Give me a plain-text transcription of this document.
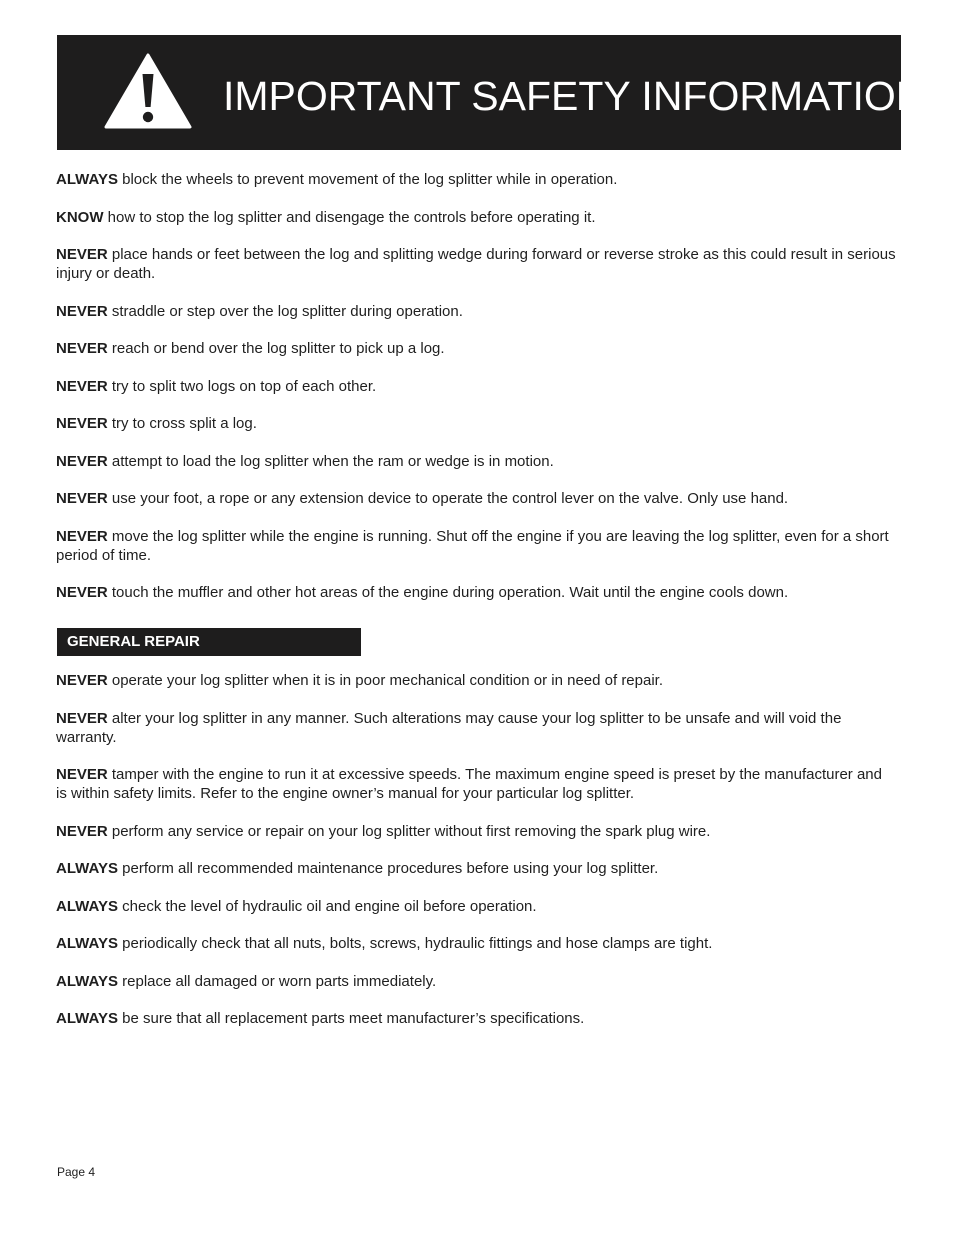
IMPORTANT SAFETY INFORMATION
ALWAYS block the wheels to prevent movement of the log splitter while in operation.
KNOW how to stop the log splitter and disengage the controls before operating it.
NEVER place hands or feet between the log and splitting wedge during forward or reverse stroke as this could result in serious injury or death.
NEVER straddle or step over the log splitter during operation.
NEVER reach or bend over the log splitter to pick up a log.
NEVER try to split two logs on top of each other.
NEVER try to cross split a log.
NEVER attempt to load the log splitter when the ram or wedge is in motion.
NEVER use your foot, a rope or any extension device to operate the control lever on the valve. Only use hand.
NEVER move the log splitter while the engine is running. Shut off the engine if you are leaving the log splitter, even for a short period of time.
NEVER touch the muffler and other hot areas of the engine during operation. Wait until the engine cools down.
GENERAL REPAIR
NEVER operate your log splitter when it is in poor mechanical condition or in need of repair.
NEVER alter your log splitter in any manner. Such alterations may cause your log splitter to be unsafe and will void the warranty.
NEVER tamper with the engine to run it at excessive speeds. The maximum engine speed is preset by the manufacturer and is within safety limits. Refer to the engine owner’s manual for your particular log splitter.
NEVER perform any service or repair on your log splitter without first removing the spark plug wire.
ALWAYS perform all recommended maintenance procedures before using your log splitter.
ALWAYS check the level of hydraulic oil and engine oil before operation.
ALWAYS periodically check that all nuts, bolts, screws, hydraulic fittings and hose clamps are tight.
ALWAYS replace all damaged or worn parts immediately.
ALWAYS be sure that all replacement parts meet manufacturer’s specifications.
Page 4
